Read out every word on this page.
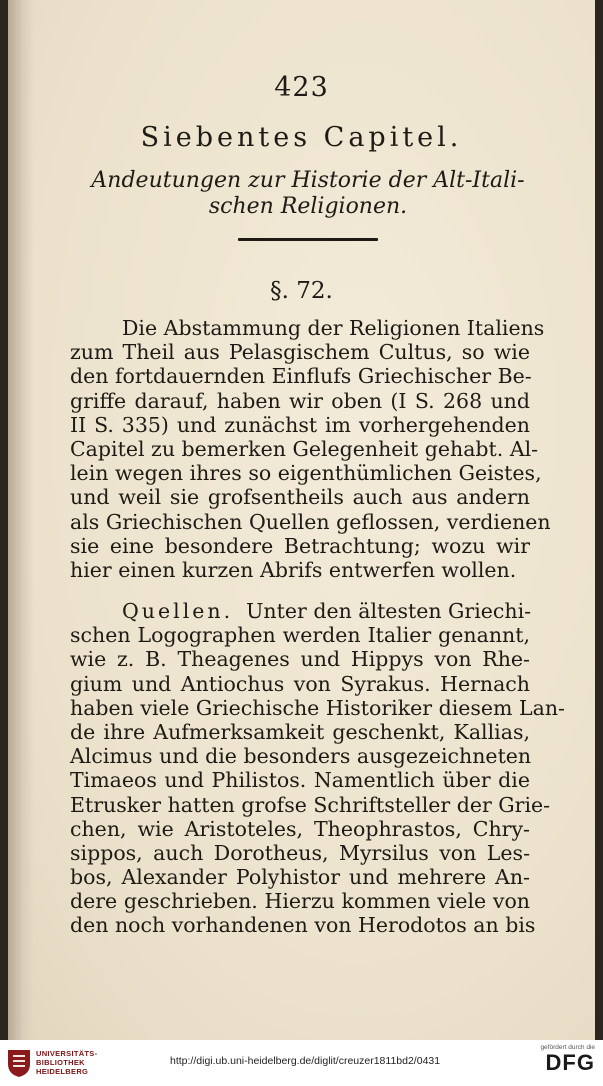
423
Siebentes Capitel.
Andeutungen zur Historie der Alt-Itali-
schen Religionen.
§. 72.
Die Abstammung der Religionen Italiens
zum Theil aus Pelasgischem Cultus, so wie
den fortdauernden Einflufs Griechischer Be-
griffe darauf, haben wir oben (I S. 268 und
II S. 335) und zunächst im vorhergehenden
Capitel zu bemerken Gelegenheit gehabt. Al-
lein wegen ihres so eigenthümlichen Geistes,
und weil sie grofsentheils auch aus andern
als Griechischen Quellen geflossen, verdienen
sie eine besondere Betrachtung; wozu wir
hier einen kurzen Abrifs entwerfen wollen.
Quellen. Unter den ältesten Griechi-
schen Logographen werden Italier genannt,
wie z. B. Theagenes und Hippys von Rhe-
gium und Antiochus von Syrakus. Hernach
haben viele Griechische Historiker diesem Lan-
de ihre Aufmerksamkeit geschenkt, Kallias,
Alcimus und die besonders ausgezeichneten
Timaeos und Philistos. Namentlich über die
Etrusker hatten grofse Schriftsteller der Grie-
chen, wie Aristoteles, Theophrastos, Chry-
sippos, auch Dorotheus, Myrsilus von Les-
bos, Alexander Polyhistor und mehrere An-
dere geschrieben. Hierzu kommen viele von
den noch vorhandenen von Herodotos an bis
UNIVERSITÄTS-
BIBLIOTHEK
HEIDELBERG
http://digi.ub.uni-heidelberg.de/diglit/creuzer1811bd2/0431
gefördert durch die
DFG
